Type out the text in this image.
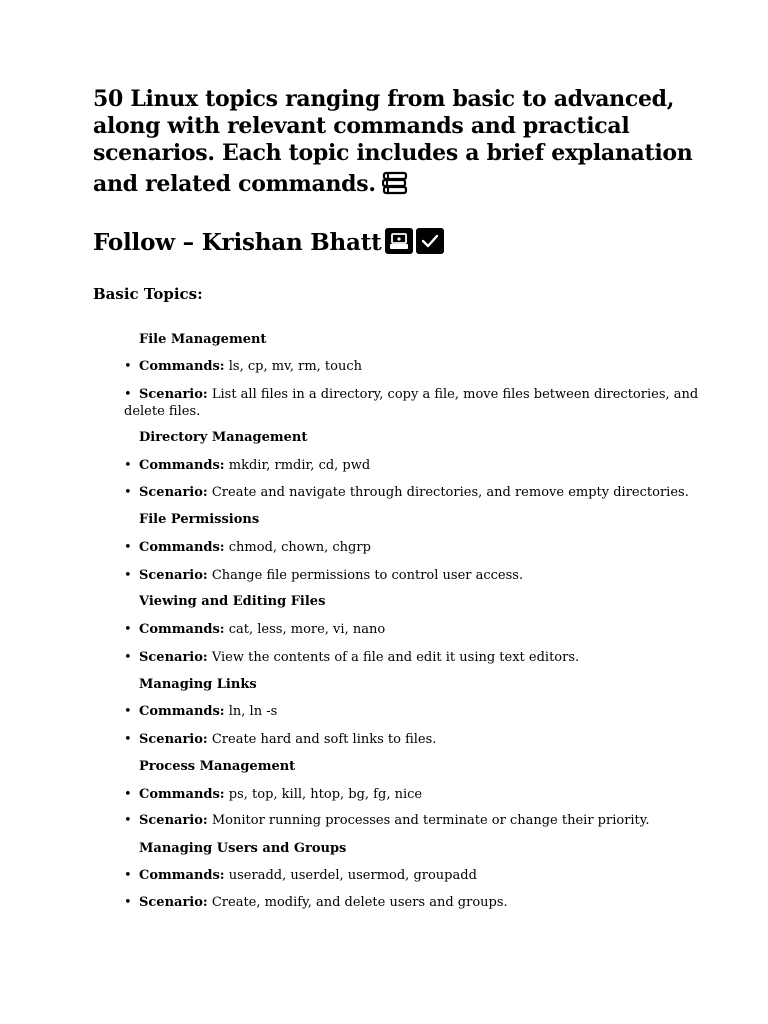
50 Linux topics ranging from basic to advanced,
along with relevant commands and practical
scenarios. Each topic includes a brief explanation
and related commands.
Follow – Krishan Bhatt
Basic Topics:
File Management

• Commands: ls, cp, mv, rm, touch

• Scenario: List all files in a directory, copy a file, move files between directories, and
delete files.

Directory Management

• Commands: mkdir, rmdir, cd, pwd

• Scenario: Create and navigate through directories, and remove empty directories.

File Permissions

• Commands: chmod, chown, chgrp

• Scenario: Change file permissions to control user access.

Viewing and Editing Files

• Commands: cat, less, more, vi, nano

• Scenario: View the contents of a file and edit it using text editors.

Managing Links

• Commands: ln, ln -s

• Scenario: Create hard and soft links to files.

Process Management

• Commands: ps, top, kill, htop, bg, fg, nice

• Scenario: Monitor running processes and terminate or change their priority.

Managing Users and Groups

• Commands: useradd, userdel, usermod, groupadd

• Scenario: Create, modify, and delete users and groups.
